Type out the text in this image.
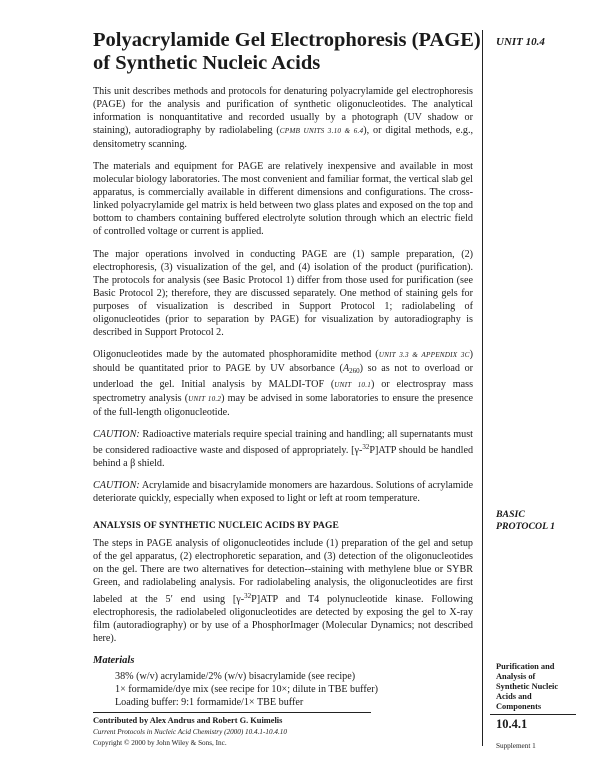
Polyacrylamide Gel Electrophoresis (PAGE)
of Synthetic Nucleic Acids
UNIT 10.4

This unit describes methods and protocols for denaturing polyacrylamide gel electrophoresis (PAGE) for the analysis and purification of synthetic oligonucleotides. The analytical information is nonquantitative and recorded usually by a photograph (UV shadow or staining), autoradiography by radiolabeling (CPMB UNITS 3.10 & 6.4), or digital methods, e.g., densitometry scanning.

The materials and equipment for PAGE are relatively inexpensive and available in most molecular biology laboratories. The most convenient and familiar format, the vertical slab gel apparatus, is commercially available in different dimensions and configurations. The cross-linked polyacrylamide gel matrix is held between two glass plates and exposed on the top and bottom to chambers containing buffered electrolyte solution through which an electric field of controlled voltage or current is applied.

The major operations involved in conducting PAGE are (1) sample preparation, (2) electrophoresis, (3) visualization of the gel, and (4) isolation of the product (purification). The protocols for analysis (see Basic Protocol 1) differ from those used for purification (see Basic Protocol 2); therefore, they are discussed separately. One method of staining gels for purposes of visualization is described in Support Protocol 1; radiolabeling of oligonucleotides (prior to separation by PAGE) for visualization by autoradiography is described in Support Protocol 2.

Oligonucleotides made by the automated phosphoramidite method (UNIT 3.3 & APPENDIX 3C) should be quantitated prior to PAGE by UV absorbance $(A_{260})$ so as not to overload or underload the gel. Initial analysis by MALDI-TOF (UNIT 10.1) or electrospray mass spectrometry analysis (UNIT 10.2) may be advised in some laboratories to ensure the presence of the full-length oligonucleotide.

CAUTION: Radioactive materials require special training and handling; all supernatants must be considered radioactive waste and disposed of appropriately. [γ-$^{32}$P]ATP should be handled behind a β shield.

CAUTION: Acrylamide and bisacrylamide monomers are hazardous. Solutions of acrylamide deteriorate quickly, especially when exposed to light or left at room temperature.

ANALYSIS OF SYNTHETIC NUCLEIC ACIDS BY PAGE

The steps in PAGE analysis of oligonucleotides include (1) preparation of the gel and setup of the gel apparatus, (2) electrophoretic separation, and (3) detection of the oligonucleotides on the gel. There are two alternatives for detection--staining with methylene blue or SYBR Green, and radiolabeling analysis. For radiolabeling analysis, the oligonucleotides are first labeled at the 5′ end using [γ-$^{32}$P]ATP and T4 polynucleotide kinase. Following electrophoresis, the radiolabeled oligonucleotides are detected by exposing the gel to X-ray film (autoradiography) or by use of a PhosphorImager (Molecular Dynamics; not described here).

Materials
38% (w/v) acrylamide/2% (w/v) bisacrylamide (see recipe)
1× formamide/dye mix (see recipe for 10×; dilute in TBE buffer)
Loading buffer: 9:1 formamide/1× TBE buffer
BASIC
PROTOCOL 1
Contributed by Alex Andrus and Robert G. Kuimelis
Current Protocols in Nucleic Acid Chemistry (2000) 10.4.1-10.4.10
Copyright © 2000 by John Wiley & Sons, Inc.
Purification and
Analysis of
Synthetic Nucleic
Acids and
Components
10.4.1
Supplement 1
